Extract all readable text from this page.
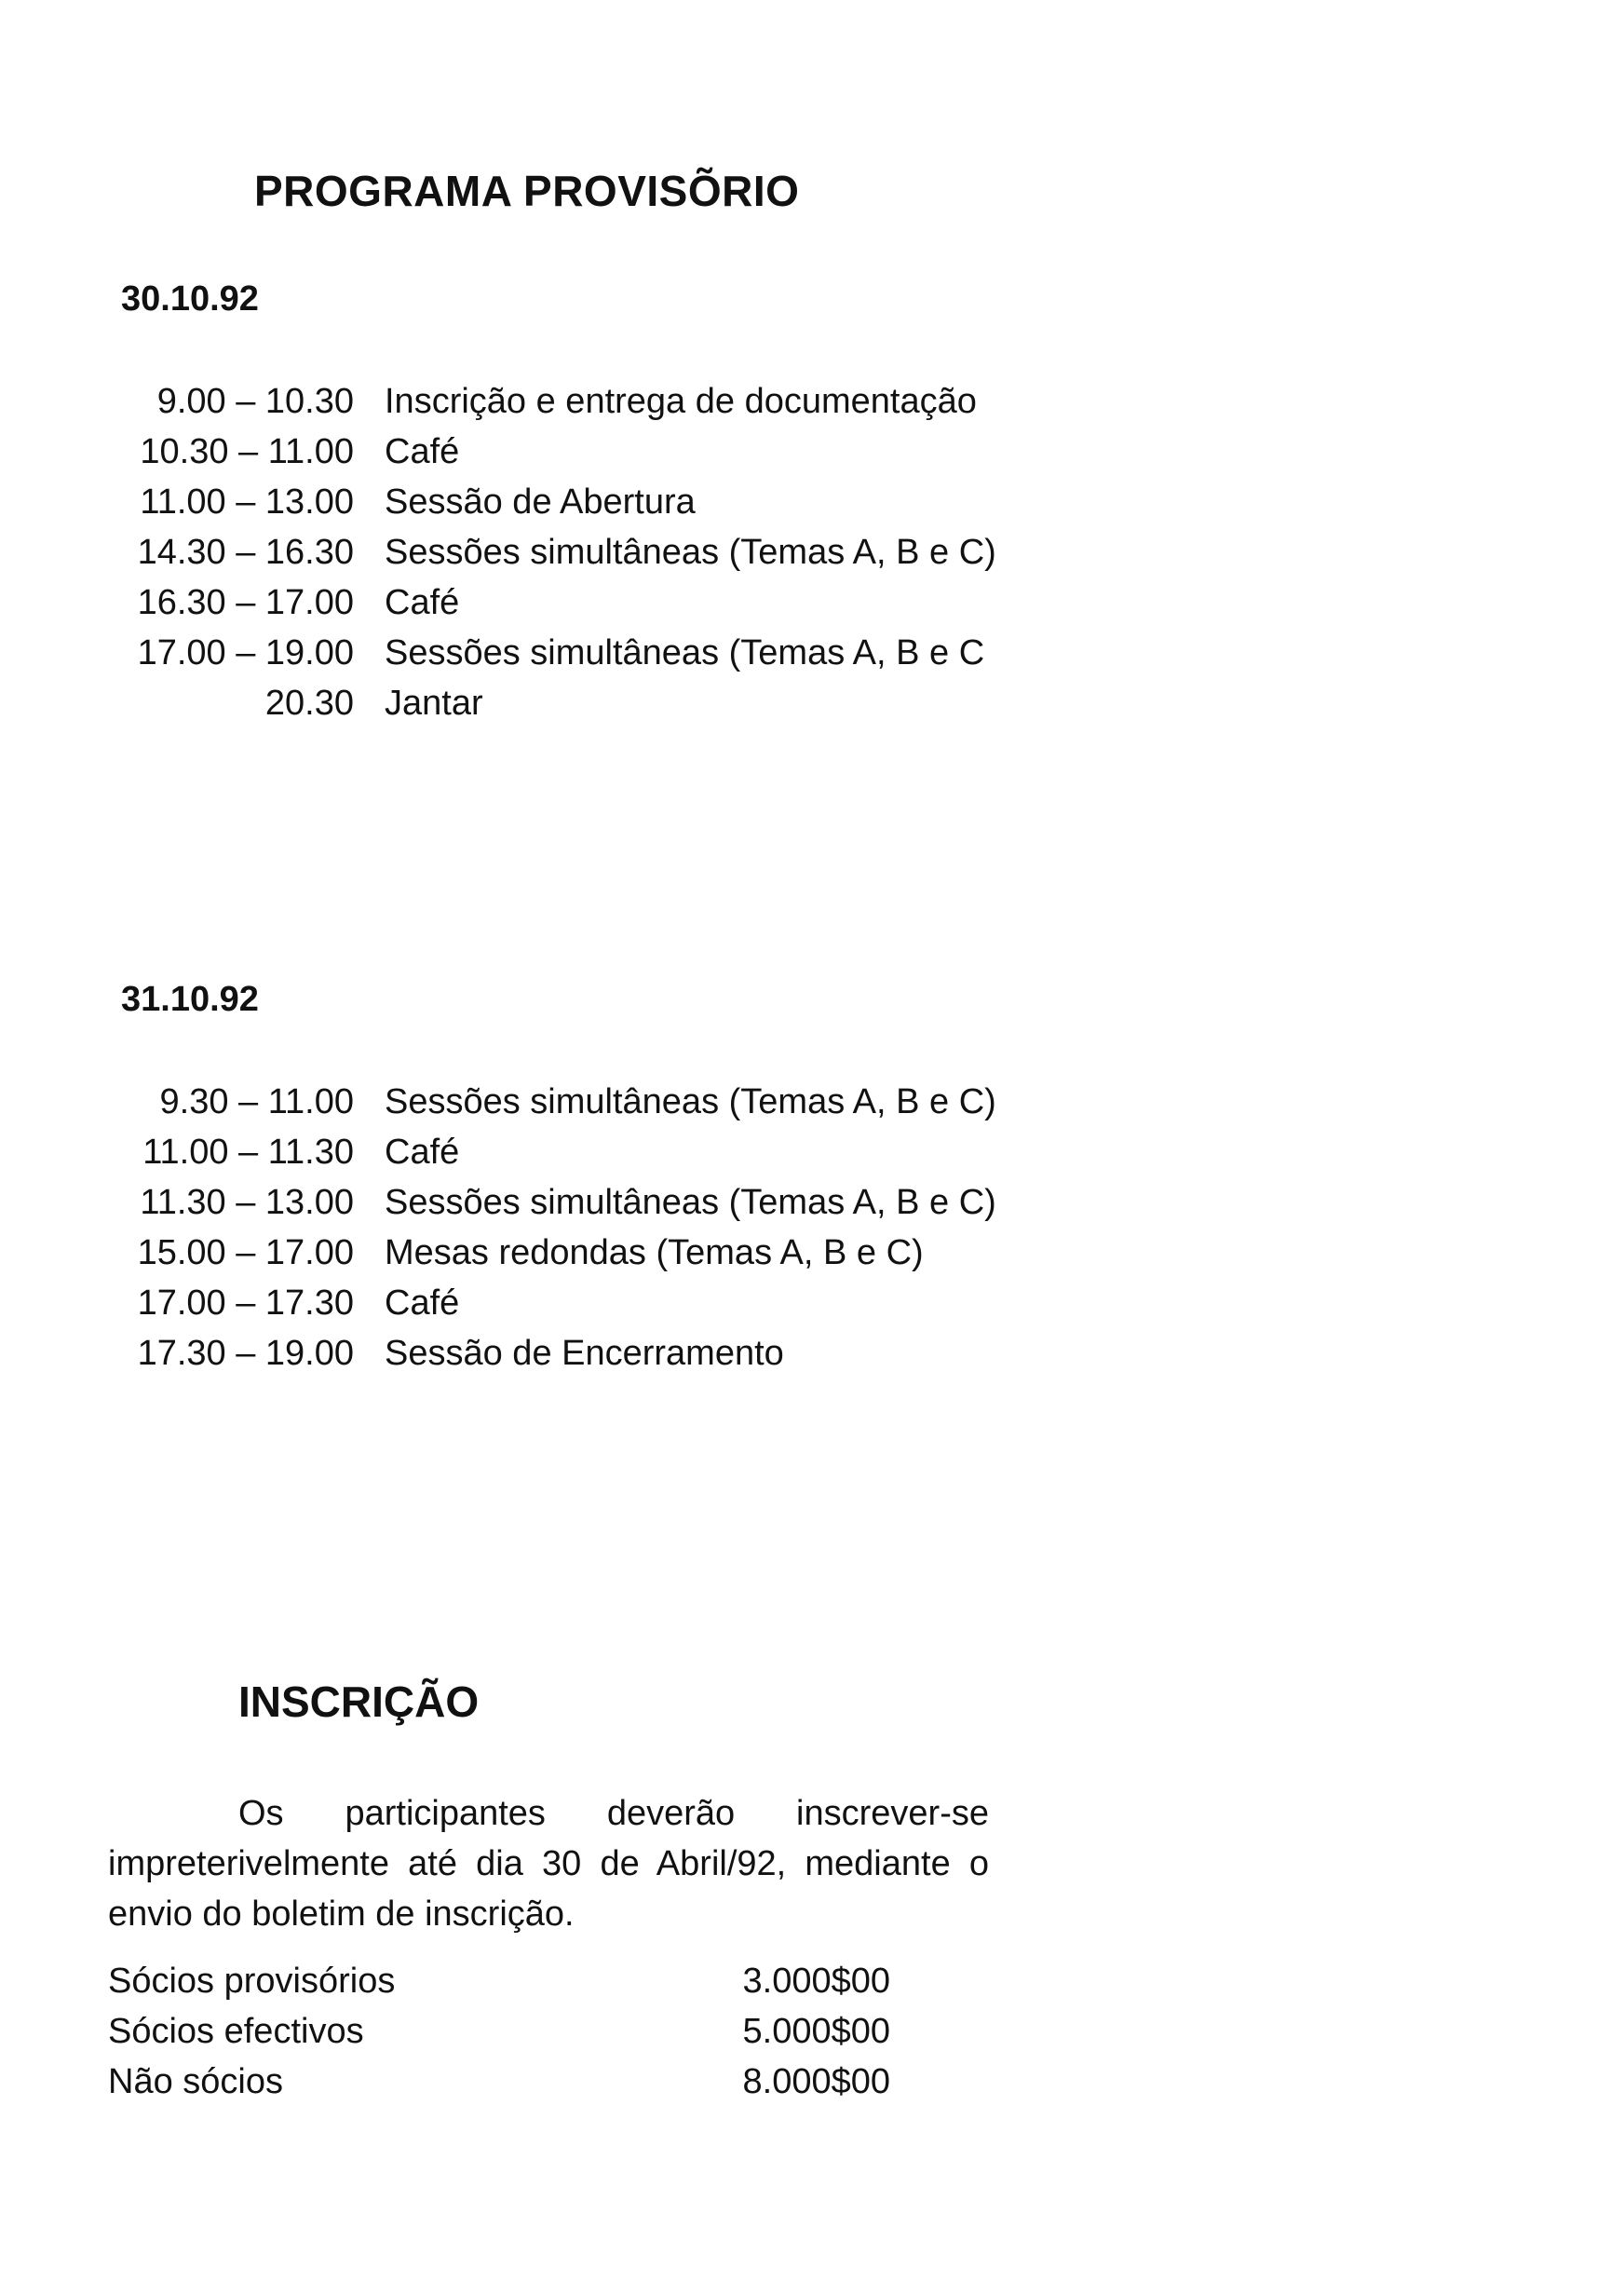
PROGRAMA PROVISÕRIO
30.10.92
9.00 – 10.30 Inscrição e entrega de documentação
10.30 – 11.00 Café
11.00 – 13.00 Sessão de Abertura
14.30 – 16.30 Sessões simultâneas (Temas A, B e C)
16.30 – 17.00 Café
17.00 – 19.00 Sessões simultâneas (Temas A, B e C
20.30 Jantar
31.10.92
9.30 – 11.00 Sessões simultâneas (Temas A, B e C)
11.00 – 11.30 Café
11.30 – 13.00 Sessões simultâneas (Temas A, B e C)
15.00 – 17.00 Mesas redondas (Temas A, B e C)
17.00 – 17.30 Café
17.30 – 19.00 Sessão de Encerramento
INSCRIÇÃO

Os participantes deverão inscrever-se impreterivelmente até dia 30 de Abril/92, mediante o envio do boletim de inscrição.

Sócios provisórios	3.000$00
Sócios efectivos	5.000$00
Não sócios	8.000$00
